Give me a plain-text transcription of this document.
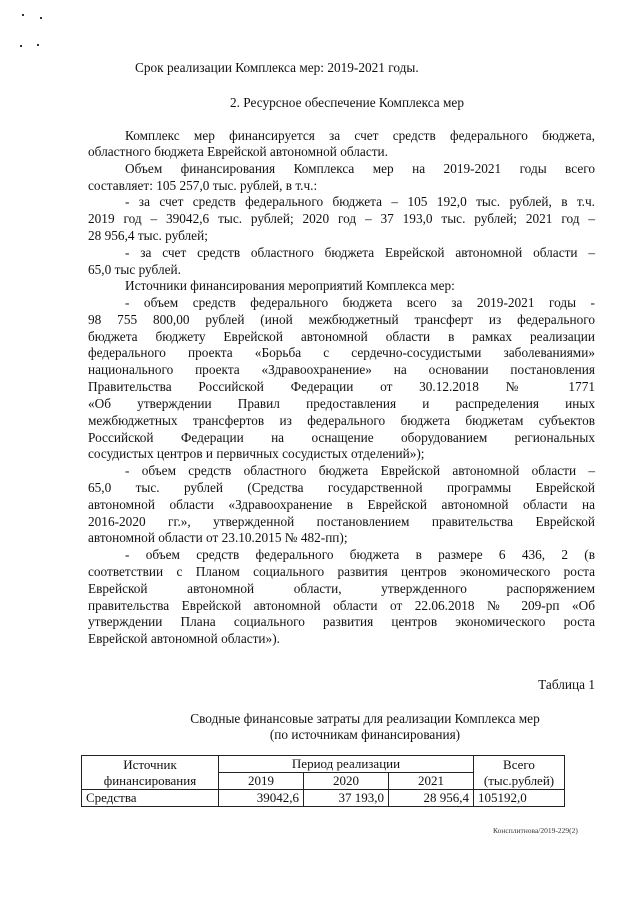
Срок реализации Комплекса мер: 2019-2021 годы.
2. Ресурсное обеспечение Комплекса мер
Комплекс мер финансируется за счет средств федерального бюджета,
областного бюджета Еврейской автономной области.
Объем финансирования Комплекса мер на 2019-2021 годы всего
составляет: 105 257,0 тыс. рублей, в т.ч.:
- за счет средств федерального бюджета – 105 192,0 тыс. рублей, в т.ч.
2019 год – 39042,6 тыс. рублей; 2020 год – 37 193,0 тыс. рублей; 2021 год –
28 956,4 тыс. рублей;
- за счет средств областного бюджета Еврейской автономной области –
65,0 тыс рублей.
Источники финансирования мероприятий Комплекса мер:
- объем средств федерального бюджета всего за 2019-2021 годы -
98 755 800,00 рублей (иной межбюджетный трансферт из федерального
бюджета бюджету Еврейской автономной области в рамках реализации
федерального проекта «Борьба с сердечно-сосудистыми заболеваниями»
национального проекта «Здравоохранение» на основании постановления
Правительства Российской Федерации от 30.12.2018 № 1771
«Об утверждении Правил предоставления и распределения иных
межбюджетных трансфертов из федерального бюджета бюджетам субъектов
Российской Федерации на оснащение оборудованием региональных
сосудистых центров и первичных сосудистых отделений»);
- объем средств областного бюджета Еврейской автономной области –
65,0 тыс. рублей (Средства государственной программы Еврейской
автономной области «Здравоохранение в Еврейской автономной области на
2016-2020 гг.», утвержденной постановлением правительства Еврейской
автономной области от 23.10.2015 № 482-пп);
- объем средств федерального бюджета в размере 6 436, 2 (в
соответствии с Планом социального развития центров экономического роста
Еврейской автономной области, утвержденного распоряжением
правительства Еврейской автономной области от 22.06.2018 № 209-рп «Об
утверждении Плана социального развития центров экономического роста
Еврейской автономной области»).
Таблица 1
Сводные финансовые затраты для реализации Комплекса мер
(по источникам финансирования)
Источник финансирования	Период реализации			Всего (тыс.рублей)
	2019	2020	2021	
Средства	39042,6	37 193,0	28 956,4	105192,0
Консплитнова/2019-229(2)
